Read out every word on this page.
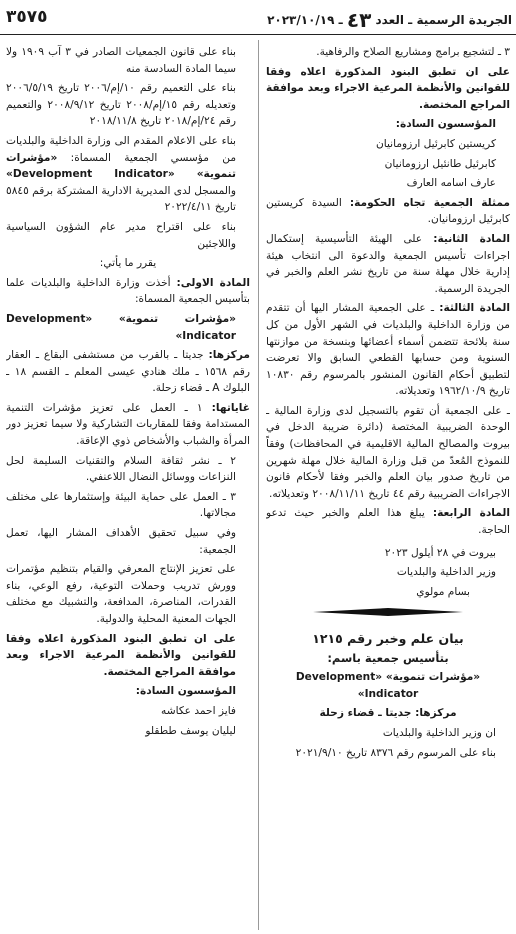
الجريدة الرسمية ـ العدد ٤٣ ـ ٢٠٢٣/١٠/١٩
٣٥٧٥

٣ ـ لتشجيع برامج ومشاريع الصلاح والرفاهية.

على ان تطبق البنود المذكورة اعلاه وفقا للقوانين والأنظمة المرعية الاجراء وبعد موافقة المراجع المختصة.

المؤسسون السادة:

كريستين كابرئيل ارزومانيان

كابرئيل طانئيل ارزومانيان

عارف اسامه العارف

ممثلة الجمعية تجاه الحكومة: السيدة كريستين كابرئيل ارزومانيان.

المادة الثانية: على الهيئة التأسيسية إستكمال اجراءات تأسيس الجمعية والدعوة الى انتخاب هيئة إدارية خلال مهلة سنة من تاريخ نشر العلم والخبر في الجريدة الرسمية.

المادة الثالثة: ـ على الجمعية المشار اليها أن تتقدم من وزارة الداخلية والبلديات في الشهر الأول من كل سنة بلائحة تتضمن أسماء أعضائها وبنسخة من موازنتها السنوية ومن حسابها القطعي السابق والا تعرضت لتطبيق أحكام القانون المنشور بالمرسوم رقم ١٠٨٣٠ تاريخ ١٩٦٢/١٠/٩ وتعديلاته.

ـ على الجمعية أن تقوم بالتسجيل لدى وزارة المالية ـ الوحدة الضريبية المختصة (دائرة ضريبة الدخل في بيروت والمصالح المالية الاقليمية في المحافظات) وفقاً للنموذج المُعدّ من قبل وزارة المالية خلال مهلة شهرين من تاريخ صدور بيان العلم والخبر وفقا لأحكام قانون الاجراءات الضريبية رقم ٤٤ تاريخ ٢٠٠٨/١١/١١ وتعديلاته.

المادة الرابعة: يبلغ هذا العلم والخبر حيث تدعو الحاجة.

بيروت في ٢٨ أيلول ٢٠٢٣

وزير الداخلية والبلديات

بسام مولوي

بيان علم وخبر رقم ١٢١٥

بتأسيس جمعية باسم:

«مؤشرات تنموية» «Development Indicator»

مركزها: جديتا ـ قضاء زحلة

ان وزير الداخلية والبلديات

بناء على المرسوم رقم ٨٣٧٦ تاريخ ٢٠٢١/٩/١٠

بناء على قانون الجمعيات الصادر في ٣ آب ١٩٠٩ ولا سيما المادة السادسة منه

بناء على التعميم رقم ١٠/إم/٢٠٠٦ تاريخ ٢٠٠٦/٥/١٩ وتعديله رقم ١٥/إم/٢٠٠٨ تاريخ ٢٠٠٨/٩/١٢ والتعميم رقم ٢٤/إم/٢٠١٨ تاريخ ٢٠١٨/١١/٨

بناء على الاعلام المقدم الى وزارة الداخلية والبلديات من مؤسسي الجمعية المسماة: «مؤشرات تنموية» «Development Indicator» والمسجل لدى المديرية الادارية المشتركة برقم ٥٨٤٥ تاريخ ٢٠٢٢/٤/١١

بناء على اقتراح مدير عام الشؤون السياسية واللاجئين

يقرر ما يأتي:

المادة الاولى: أخذت وزارة الداخلية والبلديات علما بتأسيس الجمعية المسماة:

«مؤشرات تنموية» «Development Indicator»

مركزها: جديتا ـ بالقرب من مستشفى البقاع ـ العقار رقم ١٥٦٨ ـ ملك هنادي عيسى المعلم ـ القسم ١٨ ـ البلوك A ـ قضاء زحلة.

غاياتها: ١ ـ العمل على تعزيز مؤشرات التنمية المستدامة وفقا للمقاربات التشاركية ولا سيما تعزيز دور المرأة والشباب والأشخاص ذوي الإعاقة.

٢ ـ نشر ثقافة السلام والتقنيات السليمة لحل النزاعات ووسائل النضال اللاعنفي.

٣ ـ العمل على حماية البيئة وإستثمارها على مختلف مجالاتها.

وفي سبيل تحقيق الأهداف المشار اليها، تعمل الجمعية:

على تعزيز الإنتاج المعرفي والقيام بتنظيم مؤتمرات وورش تدريب وحملات التوعية، رفع الوعي، بناء القدرات، المناصرة، المدافعة، والتشبيك مع مختلف الجهات المعنية المحلية والدولية.

على ان تطبق البنود المذكورة اعلاه وفقا للقوانين والأنظمة المرعية الاجراء وبعد موافقة المراجع المختصة.

المؤسسون السادة:

فايز احمد عكاشه

ليليان يوسف ططقلو
